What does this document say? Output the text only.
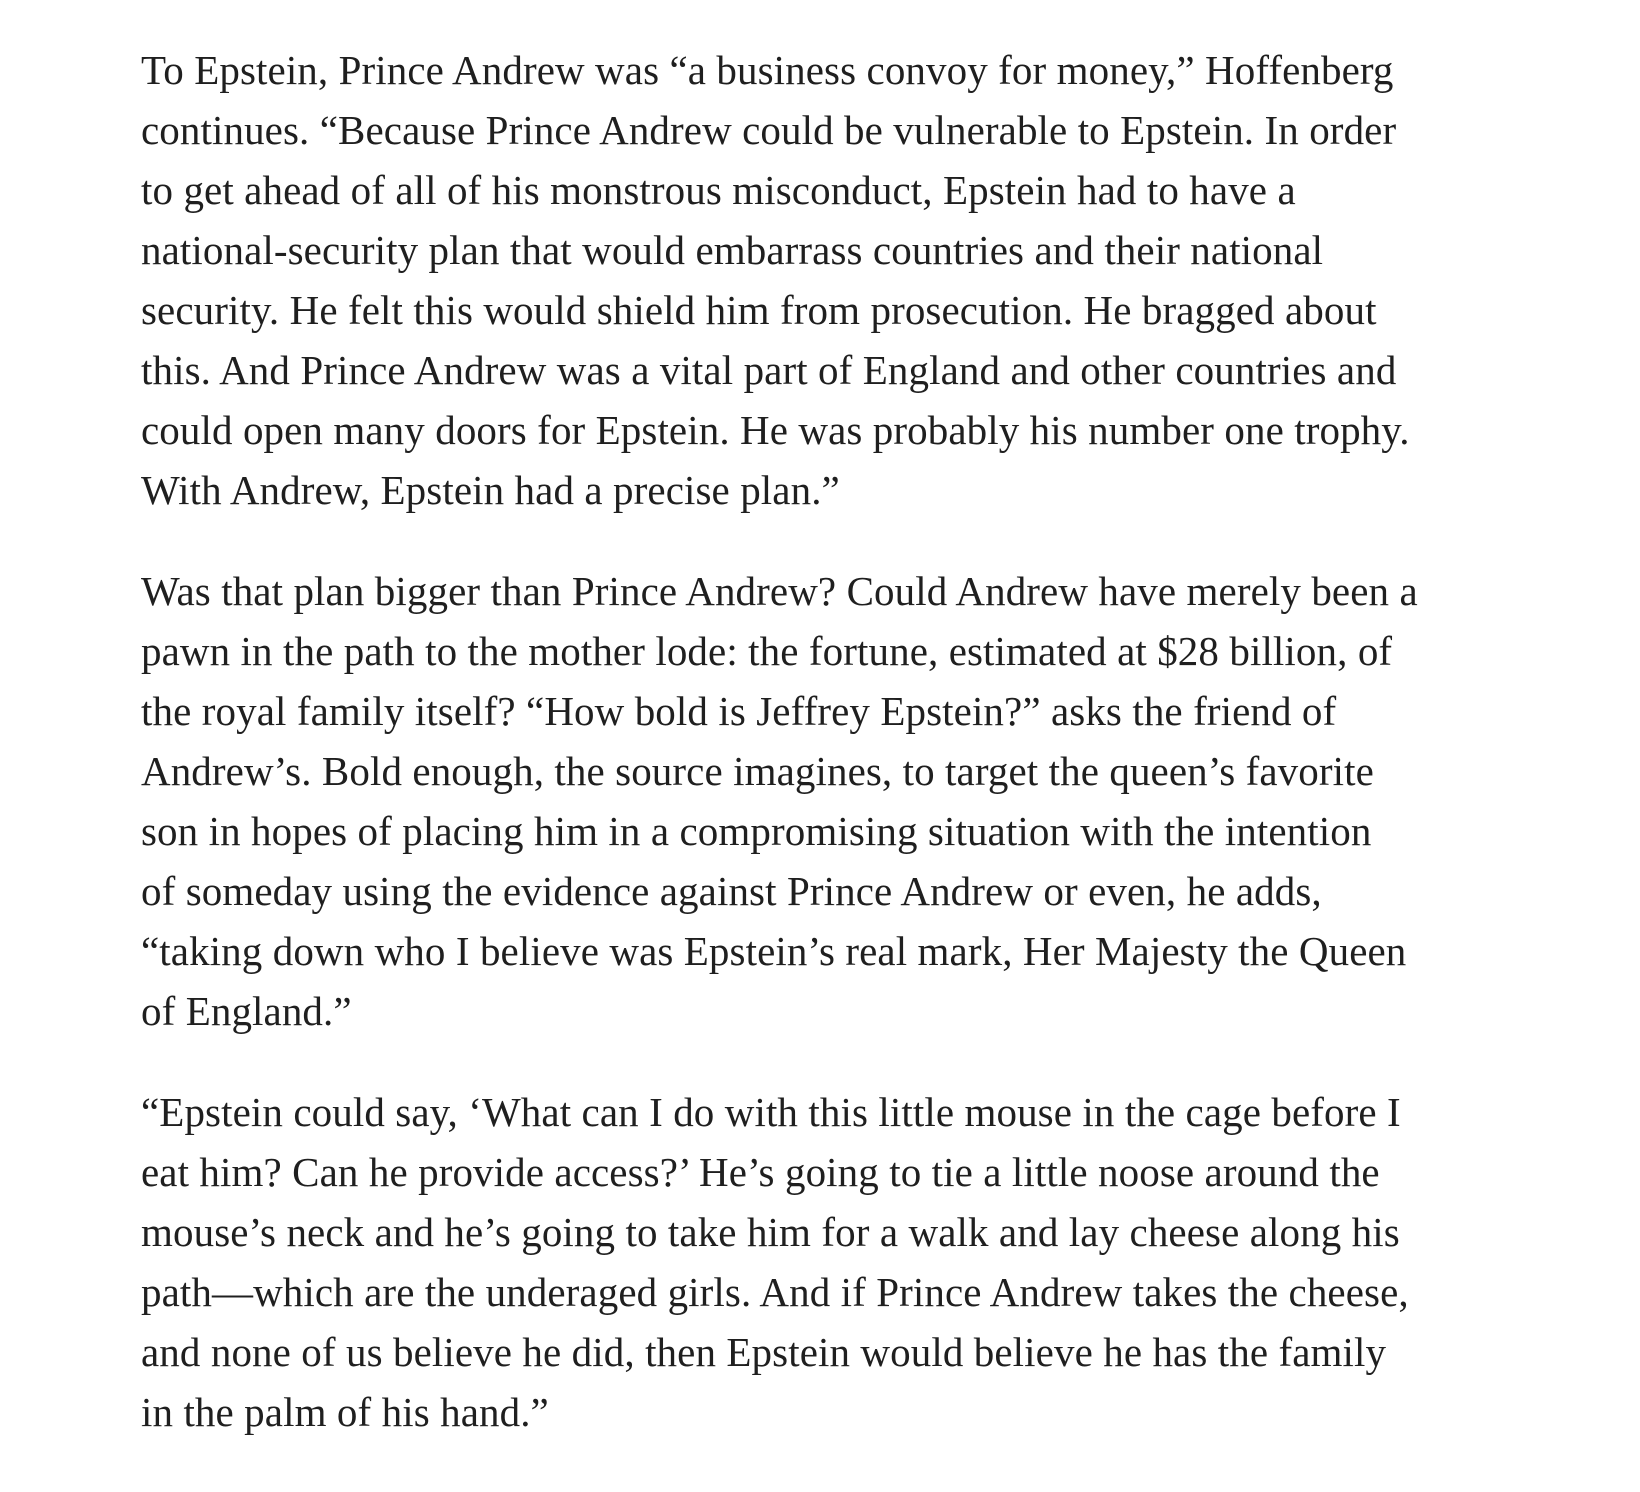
To Epstein, Prince Andrew was “a business convoy for money,” Hoffenberg
continues. “Because Prince Andrew could be vulnerable to Epstein. In order
to get ahead of all of his monstrous misconduct, Epstein had to have a
national-security plan that would embarrass countries and their national
security. He felt this would shield him from prosecution. He bragged about
this. And Prince Andrew was a vital part of England and other countries and
could open many doors for Epstein. He was probably his number one trophy.
With Andrew, Epstein had a precise plan.”

Was that plan bigger than Prince Andrew? Could Andrew have merely been a
pawn in the path to the mother lode: the fortune, estimated at $28 billion, of
the royal family itself? “How bold is Jeffrey Epstein?” asks the friend of
Andrew’s. Bold enough, the source imagines, to target the queen’s favorite
son in hopes of placing him in a compromising situation with the intention
of someday using the evidence against Prince Andrew or even, he adds,
“taking down who I believe was Epstein’s real mark, Her Majesty the Queen
of England.”

“Epstein could say, ‘What can I do with this little mouse in the cage before I
eat him? Can he provide access?’ He’s going to tie a little noose around the
mouse’s neck and he’s going to take him for a walk and lay cheese along his
path—which are the underaged girls. And if Prince Andrew takes the cheese,
and none of us believe he did, then Epstein would believe he has the family
in the palm of his hand.”
